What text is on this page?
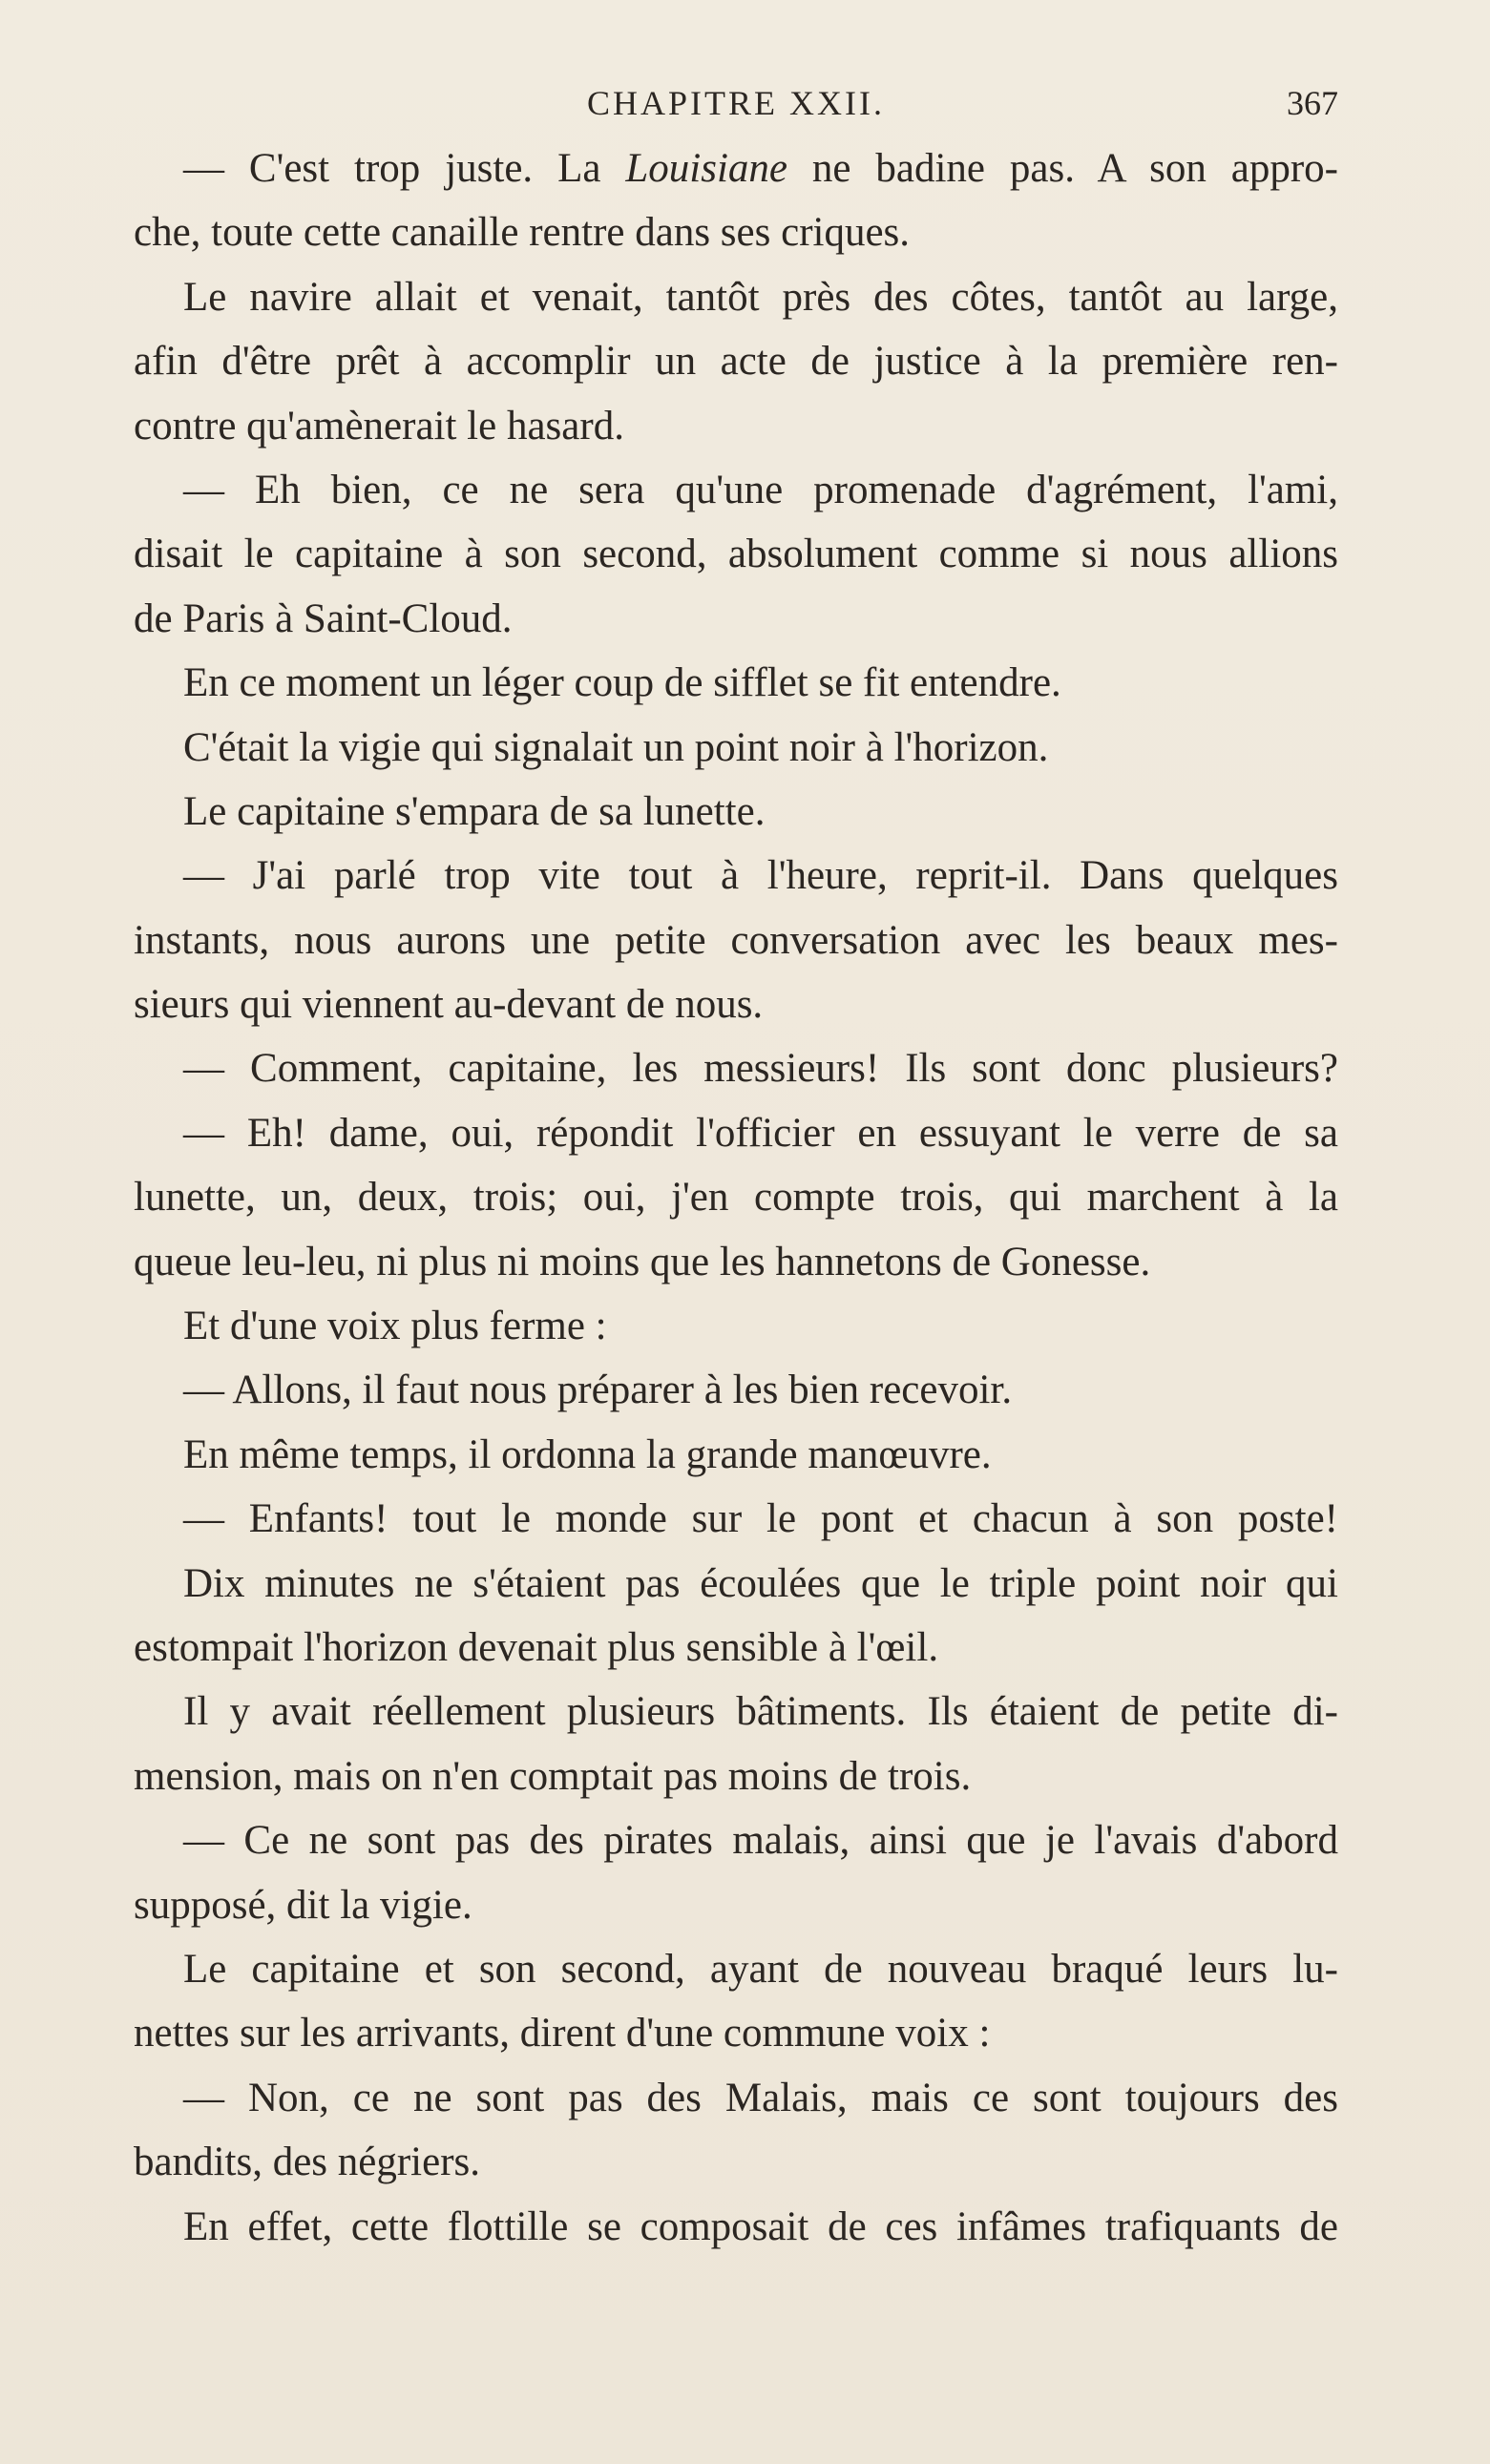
CHAPITRE XXII.	367
— C'est trop juste. La Louisiane ne badine pas. A son appro-
che, toute cette canaille rentre dans ses criques.
Le navire allait et venait, tantôt près des côtes, tantôt au large,
afin d'être prêt à accomplir un acte de justice à la première ren-
contre qu'amènerait le hasard.
— Eh bien, ce ne sera qu'une promenade d'agrément, l'ami,
disait le capitaine à son second, absolument comme si nous allions
de Paris à Saint-Cloud.
En ce moment un léger coup de sifflet se fit entendre.
C'était la vigie qui signalait un point noir à l'horizon.
Le capitaine s'empara de sa lunette.
— J'ai parlé trop vite tout à l'heure, reprit-il. Dans quelques
instants, nous aurons une petite conversation avec les beaux mes-
sieurs qui viennent au-devant de nous.
— Comment, capitaine, les messieurs! Ils sont donc plusieurs?
— Eh! dame, oui, répondit l'officier en essuyant le verre de sa
lunette, un, deux, trois; oui, j'en compte trois, qui marchent à la
queue leu-leu, ni plus ni moins que les hannetons de Gonesse.
Et d'une voix plus ferme :
— Allons, il faut nous préparer à les bien recevoir.
En même temps, il ordonna la grande manœuvre.
— Enfants! tout le monde sur le pont et chacun à son poste!
Dix minutes ne s'étaient pas écoulées que le triple point noir qui
estompait l'horizon devenait plus sensible à l'œil.
Il y avait réellement plusieurs bâtiments. Ils étaient de petite di-
mension, mais on n'en comptait pas moins de trois.
— Ce ne sont pas des pirates malais, ainsi que je l'avais d'abord
supposé, dit la vigie.
Le capitaine et son second, ayant de nouveau braqué leurs lu-
nettes sur les arrivants, dirent d'une commune voix :
— Non, ce ne sont pas des Malais, mais ce sont toujours des
bandits, des négriers.
En effet, cette flottille se composait de ces infâmes trafiquants de
